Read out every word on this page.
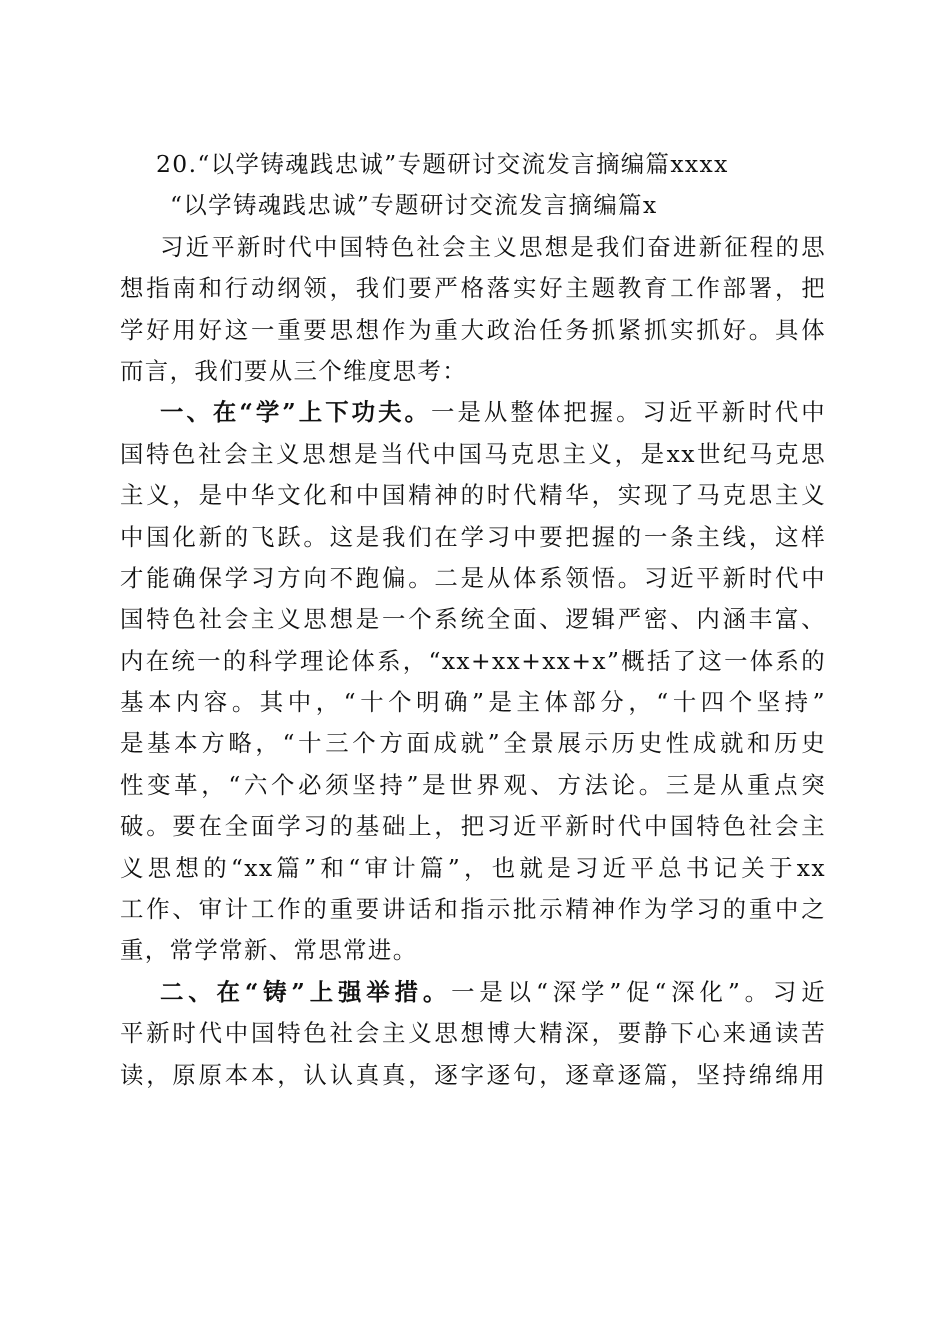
20.“以学铸魂践忠诚”专题研讨交流发言摘编篇xxxx
“以学铸魂践忠诚”专题研讨交流发言摘编篇x
习近平新时代中国特色社会主义思想是我们奋进新征程的思
想指南和行动纲领，我们要严格落实好主题教育工作部署，把
学好用好这一重要思想作为重大政治任务抓紧抓实抓好。具体
而言，我们要从三个维度思考：
一、在“学”上下功夫。一是从整体把握。习近平新时代中
国特色社会主义思想是当代中国马克思主义，是xx世纪马克思
主义，是中华文化和中国精神的时代精华，实现了马克思主义
中国化新的飞跃。这是我们在学习中要把握的一条主线，这样
才能确保学习方向不跑偏。二是从体系领悟。习近平新时代中
国特色社会主义思想是一个系统全面、逻辑严密、内涵丰富、
内在统一的科学理论体系，“xx+xx+xx+x”概括了这一体系的
基本内容。其中，“十个明确”是主体部分，“十四个坚持”
是基本方略，“十三个方面成就”全景展示历史性成就和历史
性变革，“六个必须坚持”是世界观、方法论。三是从重点突
破。要在全面学习的基础上，把习近平新时代中国特色社会主
义思想的“xx篇”和“审计篇”，也就是习近平总书记关于xx
工作、审计工作的重要讲话和指示批示精神作为学习的重中之
重，常学常新、常思常进。
二、在“铸”上强举措。一是以“深学”促“深化”。习近
平新时代中国特色社会主义思想博大精深，要静下心来通读苦
读，原原本本，认认真真，逐字逐句，逐章逐篇，坚持绵绵用
